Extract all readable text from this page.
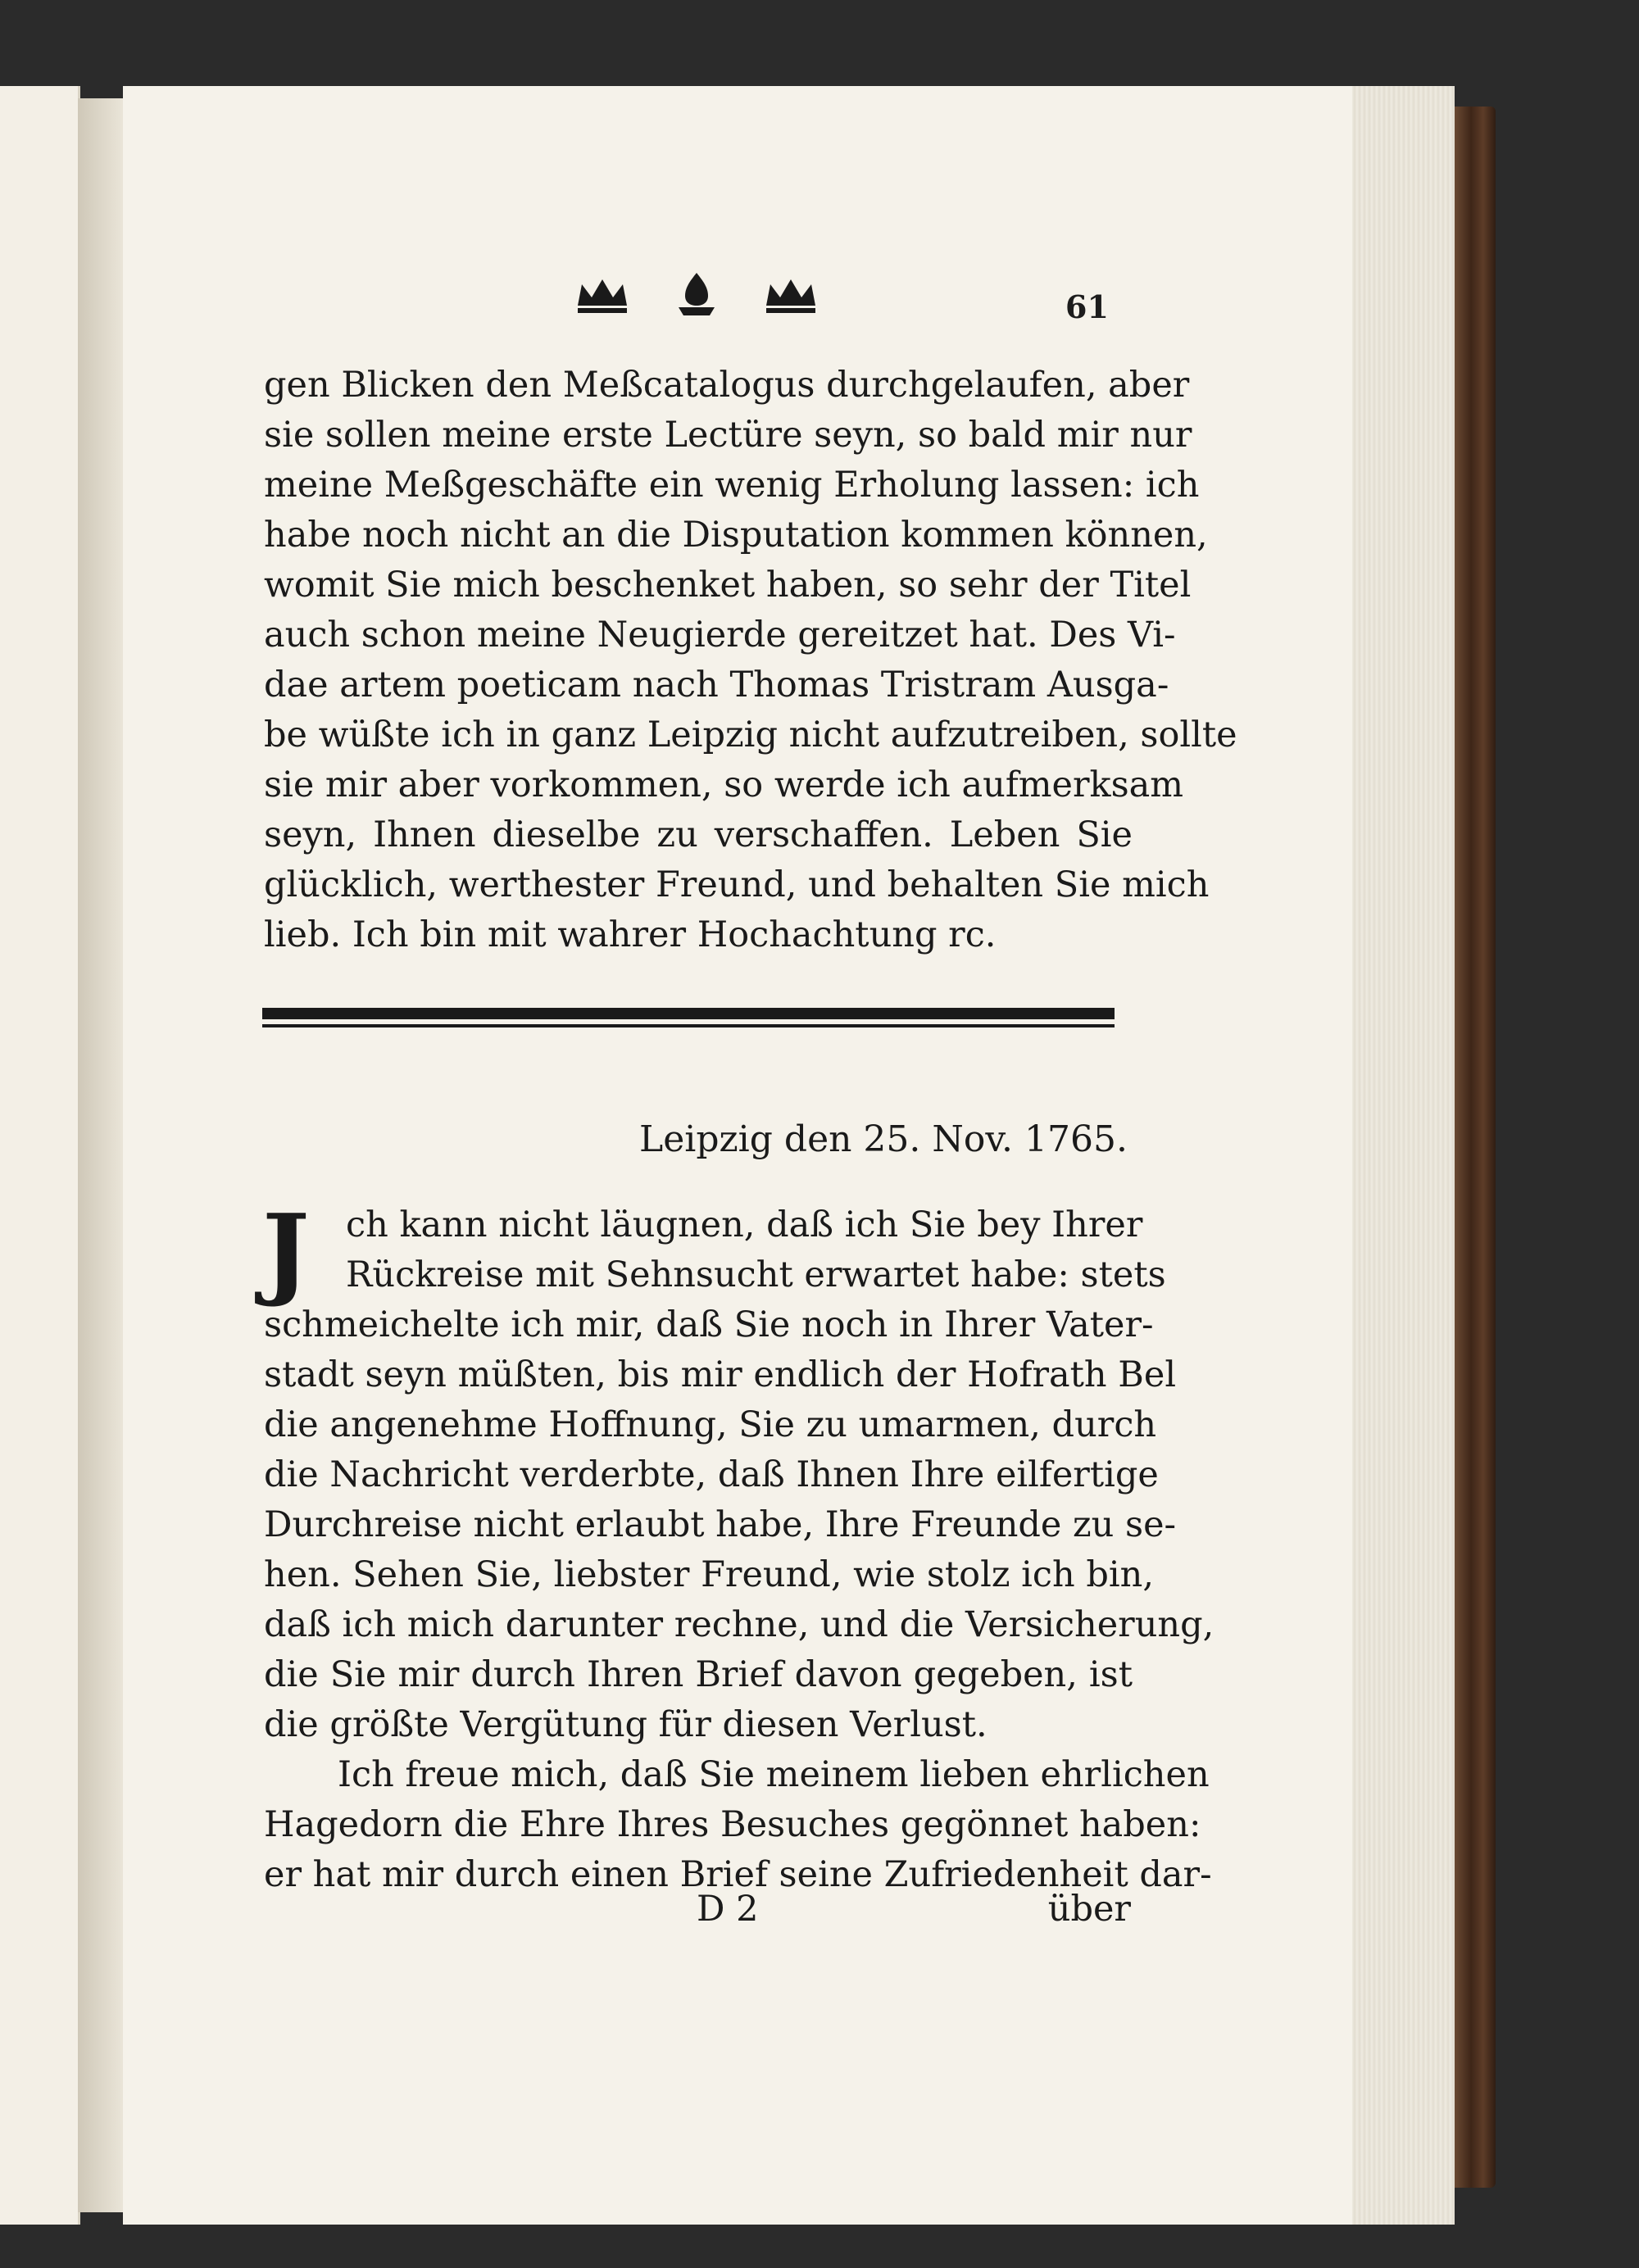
61
gen Blicken den Meßcatalogus durchgelaufen, aber
sie sollen meine erste Lectüre seyn, so bald mir nur
meine Meßgeschäfte ein wenig Erholung lassen: ich
habe noch nicht an die Disputation kommen können,
womit Sie mich beschenket haben, so sehr der Titel
auch schon meine Neugierde gereitzet hat. Des Vi-
dae artem poeticam nach Thomas Tristram Ausga-
be wüßte ich in ganz Leipzig nicht aufzutreiben, sollte
sie mir aber vorkommen, so werde ich aufmerksam
seyn, Ihnen dieselbe zu verschaffen. Leben Sie
glücklich, werthester Freund, und behalten Sie mich
lieb. Ich bin mit wahrer Hochachtung rc.
Leipzig den 25. Nov. 1765.
J	ch kann nicht läugnen, daß ich Sie bey Ihrer
Rückreise mit Sehnsucht erwartet habe: stets
schmeichelte ich mir, daß Sie noch in Ihrer Vater-
stadt seyn müßten, bis mir endlich der Hofrath Bel
die angenehme Hoffnung, Sie zu umarmen, durch
die Nachricht verderbte, daß Ihnen Ihre eilfertige
Durchreise nicht erlaubt habe, Ihre Freunde zu se-
hen. Sehen Sie, liebster Freund, wie stolz ich bin,
daß ich mich darunter rechne, und die Versicherung,
die Sie mir durch Ihren Brief davon gegeben, ist
die größte Vergütung für diesen Verlust.
Ich freue mich, daß Sie meinem lieben ehrlichen
Hagedorn die Ehre Ihres Besuches gegönnet haben:
er hat mir durch einen Brief seine Zufriedenheit dar-
D 2	über
